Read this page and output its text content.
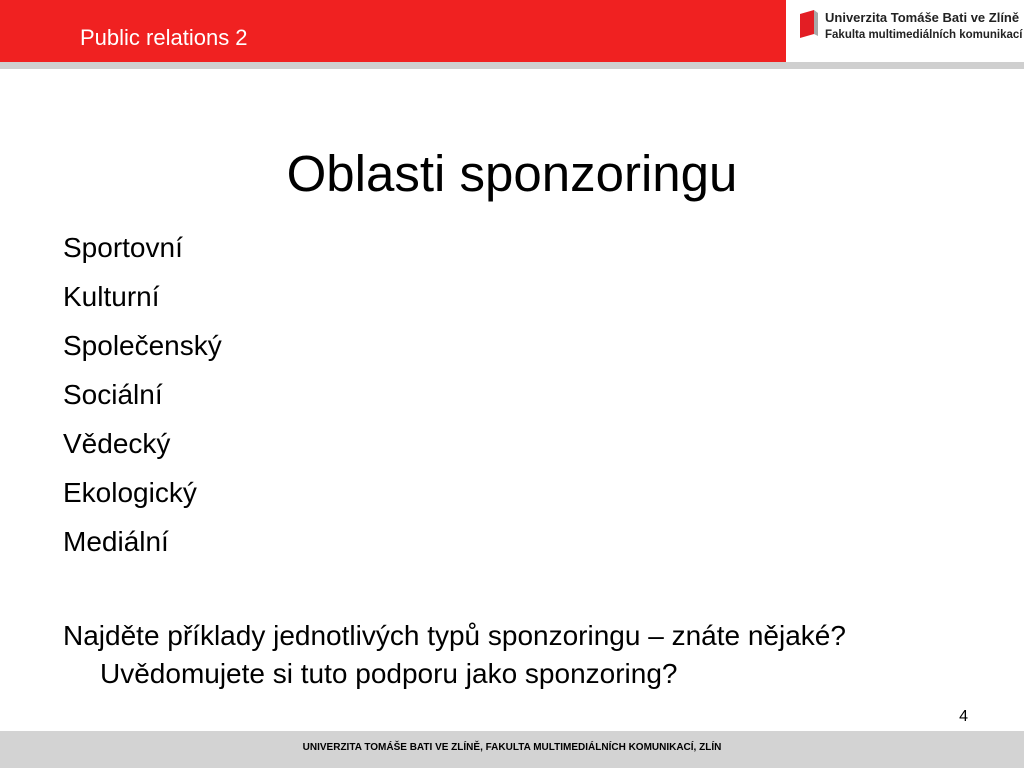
Public relations 2
Univerzita Tomáše Bati ve Zlíně
Fakulta multimediálních komunikací
Oblasti sponzoringu
Sportovní
Kulturní
Společenský
Sociální
Vědecký
Ekologický
Mediální
Najděte příklady jednotlivých typů sponzoringu – znáte nějaké? Uvědomujete si tuto podporu jako sponzoring?
4
UNIVERZITA TOMÁŠE BATI VE ZLÍNĚ, FAKULTA MULTIMEDIÁLNÍCH KOMUNIKACÍ, ZLÍN
